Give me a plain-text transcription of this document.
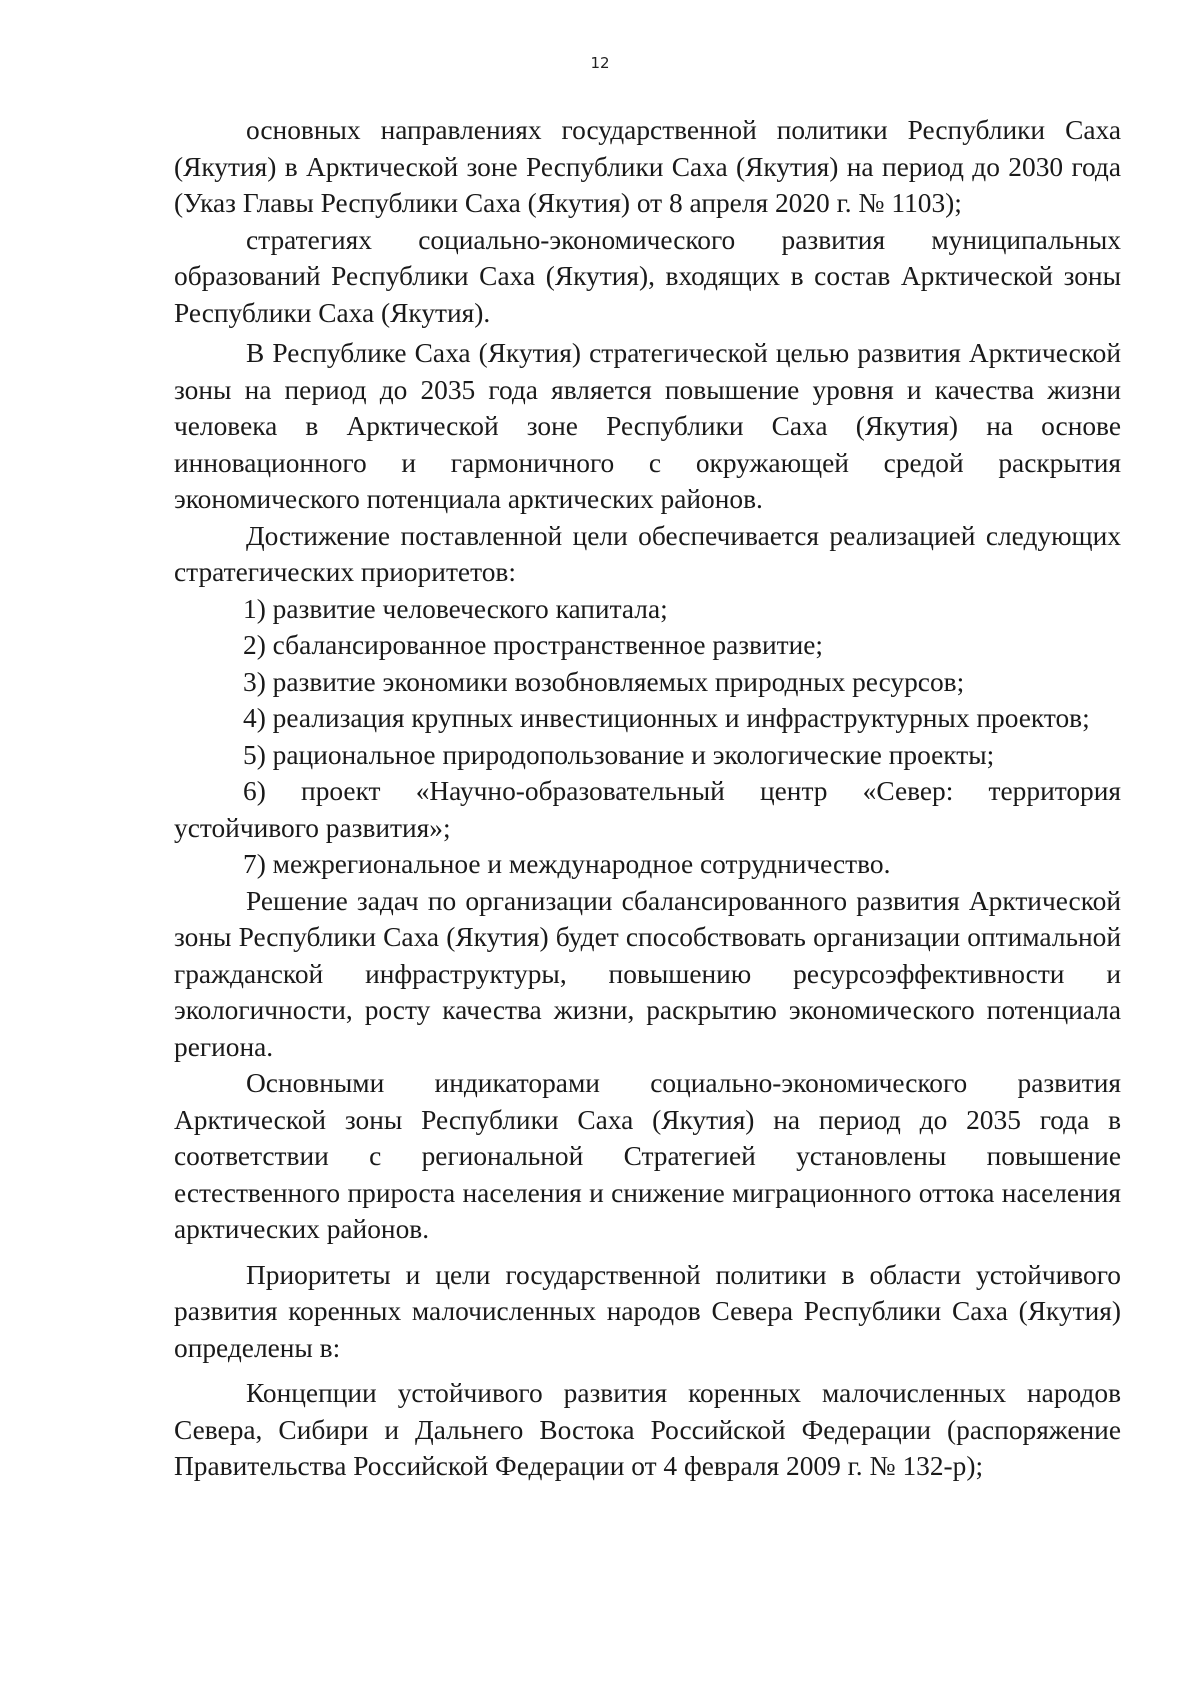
12

основных направлениях государственной политики Республики Саха (Якутия) в Арктической зоне Республики Саха (Якутия) на период до 2030 года (Указ Главы Республики Саха (Якутия) от 8 апреля 2020 г. № 1103);

стратегиях социально-экономического развития муниципальных образований Республики Саха (Якутия), входящих в состав Арктической зоны Республики Саха (Якутия).

В Республике Саха (Якутия) стратегической целью развития Арктической зоны на период до 2035 года является повышение уровня и качества жизни человека в Арктической зоне Республики Саха (Якутия) на основе инновационного и гармоничного с окружающей средой раскрытия экономического потенциала арктических районов.

Достижение поставленной цели обеспечивается реализацией следующих стратегических приоритетов:

1) развитие человеческого капитала;

2) сбалансированное пространственное развитие;

3) развитие экономики возобновляемых природных ресурсов;

4) реализация крупных инвестиционных и инфраструктурных проектов;

5) рациональное природопользование и экологические проекты;

6) проект «Научно-образовательный центр «Север: территория устойчивого развития»;

7) межрегиональное и международное сотрудничество.

Решение задач по организации сбалансированного развития Арктической зоны Республики Саха (Якутия) будет способствовать организации оптимальной гражданской инфраструктуры, повышению ресурсоэффективности и экологичности, росту качества жизни, раскрытию экономического потенциала региона.

Основными индикаторами социально-экономического развития Арктической зоны Республики Саха (Якутия) на период до 2035 года в соответствии с региональной Стратегией установлены повышение естественного прироста населения и снижение миграционного оттока населения арктических районов.

Приоритеты и цели государственной политики в области устойчивого развития коренных малочисленных народов Севера Республики Саха (Якутия) определены в:

Концепции устойчивого развития коренных малочисленных народов Севера, Сибири и Дальнего Востока Российской Федерации (распоряжение Правительства Российской Федерации от 4 февраля 2009 г. № 132-р);
